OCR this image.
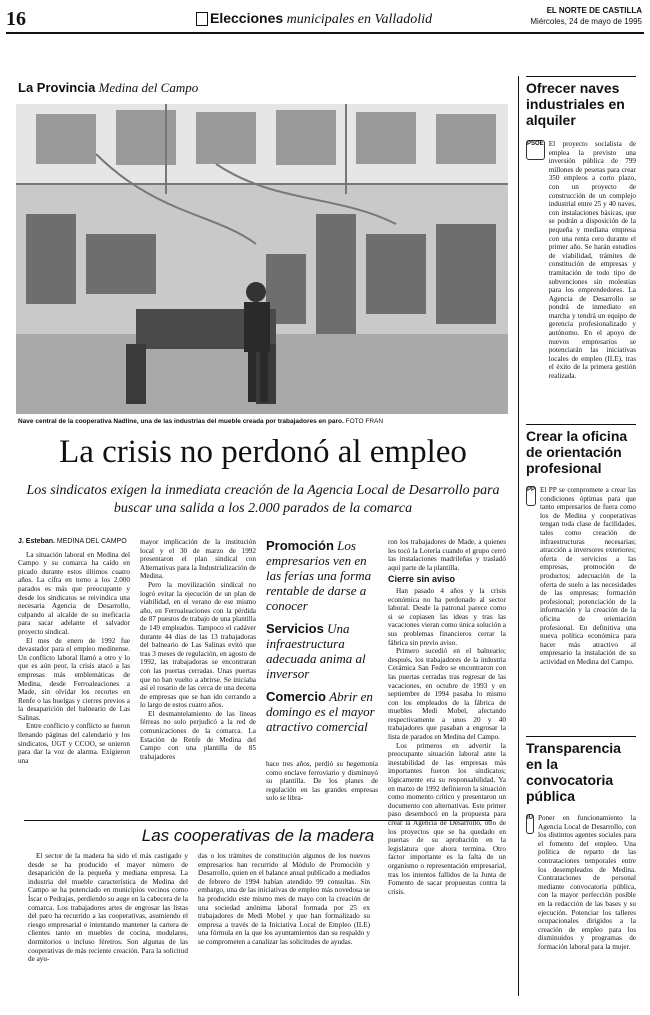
16	Elecciones municipales en Valladolid
EL NORTE DE CASTILLA
Miércoles, 24 de mayo de 1995
La Provincia Medina del Campo
Nave central de la cooperativa Nadline, una de las industrias del mueble creada por trabajadores en paro. FOTO FRAN
La crisis no perdonó al empleo
Los sindicatos exigen la inmediata creación de la Agencia Local de Desarrollo para buscar una salida a los 2.000 parados de la comarca
J. Esteban. MEDINA DEL CAMPO

La situación laboral en Medina del Campo y su comarca ha caído en picado durante estos últimos cuatro años. La cifra en torno a los 2.000 parados es más que preocupante y desde los sindicatos se reivindica una necesaria Agencia de Desarrollo, culpando al alcalde de su ineficacia para sacar adelante el salvador proyecto sindical.

El mes de enero de 1992 fue devastador para el empleo medinense. Un conflicto laboral llamó a otro y lo que es aún peor, la crisis atacó a las empresas más emblemáticas de Medina, desde Ferroaleaciones a Made, sin olvidar los recortes en Renfe o las huelgas y cierres previos a la desaparición del balneario de Las Salinas.

Entre conflicto y conflicto se fueron llenando páginas del calendario y los sindicatos, UGT y CCOO, se unieron para dar la voz de alarma. Exigieron una

mayor implicación de la institución local y el 30 de marzo de 1992 presentaron el plan sindical con Alternativas para la Industrialización de Medina.

Pero la movilización sindical no logró evitar la ejecución de un plan de viabilidad, en el verano de ese mismo año, en Ferroaleaciones con la pérdida de 87 puestos de trabajo de una plantilla de 149 empleados. Tampoco el cadáver durante 44 días de las 13 trabajadoras del balneario de Las Salinas evitó que tras 3 meses de regulación, en agosto de 1992, las trabajadoras se encontraran con las puertas cerradas. Unas puertas que no han vuelto a abrirse. Se iniciaba así el rosario de las cerca de una decena de empresas que se han ido cerrando a lo largo de estos cuatro años.

El desmantelamiento de las líneas férreas no solo perjudicó a la red de comunicaciones de la comarca. La Estación de Renfe de Medina del Campo con una plantilla de 85 trabajadores

Promoción Los empresarios ven en las ferias una forma rentable de darse a conocer
Servicios Una infraestructura adecuada anima al inversor
Comercio Abrir en domingo es el mayor atractivo comercial

hace tres años, perdió su hegemonía como enclave ferroviario y disminuyó su plantilla. De los planes de regulación en las grandes empresas solo se libra-

ron los trabajadores de Made, a quienes les tocó la Lotería cuando el grupo cerró las instalaciones madrileñas y trasladó aquí parte de la plantilla.

Cierre sin aviso

Han pasado 4 años y la crisis económica no ha perdonado al sector laboral. Desde la patronal parece como si se copiasen las ideas y tras las vacaciones vieran como única solución a sus problemas financieros cerrar la fábrica sin previo aviso.

Primero sucedió en el balneario; después, los trabajadores de la industria Cerámica San Fedro se encontraron con las puertas cerradas tras regresar de las vacaciones, en octubre de 1993 y en septiembre de 1994 pasaba lo mismo con los empleados de la fábrica de muebles Medi Mobel, afectando respectivamente a unos 20 y 40 trabajadores que pasaban a engrosar la lista de parados en Medina del Campo.

Los primeros en advertir la preocupante situación laboral ante la inestabilidad de las empresas más importantes fueron los sindicatos; lógicamente era su responsabilidad. Ya en marzo de 1992 definieron la situación como momento crítico y presentaron un documento con alternativas. Este primer paso desembocó en la propuesta para crear la Agencia de Desarrollo, otro de los proyectos que se ha quedado en puertas de su aprobación en la legislatura que ahora termina. Otro factor importante es la falta de un organismo o representación empresarial, tras los intentos fallidos de la Junta de Fomento de sacar propuestas contra la crisis.

Las cooperativas de la madera

El sector de la madera ha sido el más castigado y desde se ha producido el mayor número de desaparición de la pequeña y mediana empresa. La industria del mueble característica de Medina del Campo se ha potenciado en municipios vecinos como Íscar o Pedrajas, perdiendo su auge en la cabecera de la comarca. Los trabajadores artes de engrosar las listas del paro ha recurrido a las cooperativas, asumiendo el riesgo empresarial e intentando mantener la cartera de clientes tanto en muebles de cocina, modulares, dormitorios o incluso féretros. Son algunas de las cooperativas de más reciente creación. Para la solicitud de ayu-

das o los trámites de constitución algunos de los nuevos empresarios han recurrido al Módulo de Promoción y Desarrollo, quien en el balance anual publicado a mediados de febrero de 1994 habían atendido 99 consultas. Sin embargo, una de las iniciativas de empleo más novedosa se ha producido este mismo mes de mayo con la creación de una sociedad anónima laboral formada por 25 ex trabajadores de Medi Mobel y que han formalizado su empresa a través de la Iniciativa Local de Empleo (ILE) una fórmula en la que los ayuntamientos dan su respaldo y se comprometen a canalizar las solicitudes de ayudas.

Ofrecer naves industriales en alquiler
PSOE El proyecto socialista de emplea la previsto una inversión pública de 799 millones de pesetas para crear 350 empleos a corto plazo, con un proyecto de construcción de un complejo industrial entre 25 y 40 naves, con instalaciones básicas, que se podrán a disposición de la pequeña y mediana empresa con una renta cero durante el primer año. Se harán estudios de viabilidad, trámites de constitución de empresas y tramitación de todo tipo de subvenciones sin molestias para los emprendedores. La Agencia de Desarrollo se pondrá de inmediato en marcha y tendrá un equipo de gerencia profesionalizado y autónomo. En el apoyo de nuevos empresarios se potenciarán las iniciativas locales de empleo (ILE), tras el éxito de la primera gestión realizada.
Crear la oficina de orientación profesional
PP El PP se compromete a crear las condiciones óptimas para que tanto empresarios de fuera como los de Medina y cooperativas tengan toda clase de facilidades, tales como creación de infraestructuras necesarias; atracción a inversores exteriores; oferta de servicios a las empresas, promoción de productos; adecuación de la oferta de suelo a las necesidades de las empresas; formación profesional; potenciación de la información y la creación de la oficina de orientación profesional. En definitiva una nueva política económica para hacer más atractivo al empresario la instalación de su actividad en Medina del Campo.
Transparencia en la convocatoria pública
IU Poner en funcionamiento la Agencia Local de Desarrollo, con los distintos agentes sociales para el fomento del empleo. Una política de reparto de las contrataciones temporales entre los desempleados de Medina. Contrataciones de personal mediante convocatoria pública, con la mayor perfección posible en la redacción de las bases y su ejecución. Potenciar los talleres ocupacionales dirigidos a la creación de empleo para los disminuidos y programas de formación laboral para la mujer.
